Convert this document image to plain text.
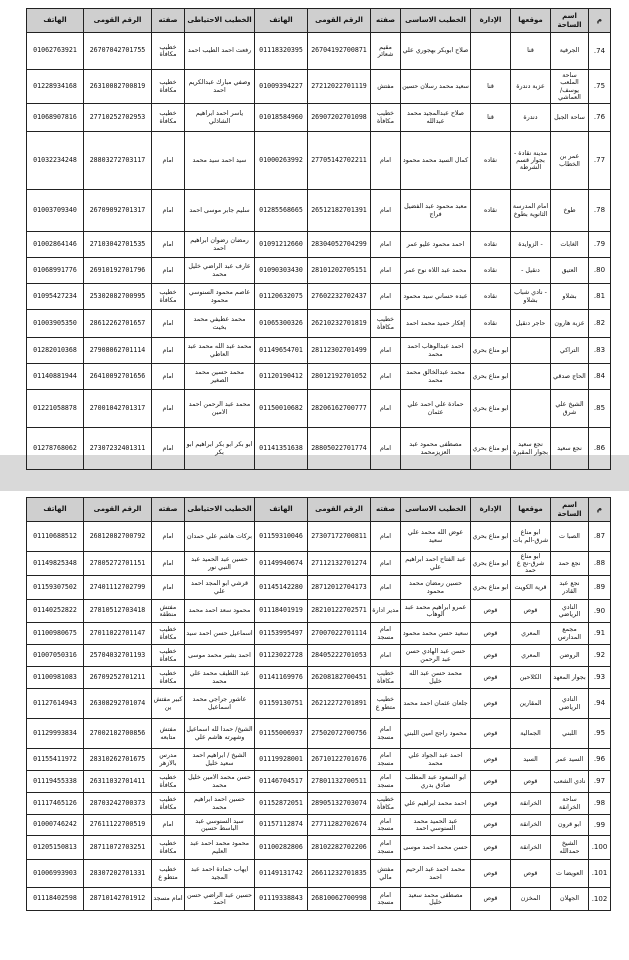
م	اسم الساحة	موقعها	الإدارة	الخطيب الاساسى	صفته	الرقم القومى	الهاتف	الخطيب الاحتياطى	صفته	الرقم القومى	الهاتف
74.	الجرفية	قنا		صلاح ابوبكر بهجوري علي	مقيم شعائر	26704192700871	01118320395	رفعت احمد الطيب احمد	خطيب مكافأة	26707042701755	01062763921
75.	ساحة الملعب يوسف/ العماشي	عزبة دندرة	قنا	سعيد محمد رسلان حسين	مفتش	27212022701119	01009394227	وصفي مبارك عبدالكريم احمد	خطيب مكافأة	26310082700819	01228934168
76.	ساحة الجبل	دندرة	قنا	صلاح عبدالمجيد محمد عبدالله	خطيب مكافأة	26907202701098	01018584960	ياسر احمد ابراهيم الشاذلي	خطيب مكافأة	27710252702953	01068907816
77.	عمر بن الخطاب	مدينة نقادة - بجوار قسم الشرطة	نقاده	كمال السيد محمد محمود	امام	27705142702211	01000263992	سيد احمد سيد محمد	امام	28803272703117	01032234248
78.	طوخ	امام المدرسة الثانوية بطوخ	نقاده	معبد محمود عبد الفضيل فراج	امام	26512182701391	01285568665	سليم جابر موسى احمد	امام	26709092701317	01003709340
79.	الغابات	- الزوايدة	نقاده	احمد محمود عليو عمر	امام	28304052704299	01091212660	رمضان رضوان ابراهيم احمد	امام	27103042701535	01002864146
80.	العتيق	دنقيل -	نقاده	محمد عبد اللاه نوح عمر	امام	28101202705151	01090303430	عارف عبد الراضي خليل محمد	امام	26910192701796	01068991776
81.	بشلاو	- نادي شباب بشلاو	نقاده	عبده حساني سيد محمود	امام	27602232702437	01120632075	عاصم محمود السنوسي محمود	خطيب مكافأة	25302082700995	01095427234
82.	عزبة هارون	حاجر دنقيل	نقاده	إفكار حميد محمد احمد	خطيب مكافأة	26210232701819	01065300326	محمد عطيفي محمد بخيت	امام	28612262701657	01003905350
83.	التراكي		ابو مناع بحري	احمد عبدالوهاب احمد محمد	امام	28112302701499	01149654701	محمد عبد الله محمد عبد العاطي	امام	27908062701114	01282010368
84.	الحاج صدقي		ابو مناع بحري	محمد عبدالخالق محمد محمد	امام	28012192701052	01120190412	محمد حسين محمد الصغير	امام	26410092701656	01140881944
85.	الشيخ علي شرق		ابو مناع بحري	حمادة علي احمد علي عثمان	امام	28206162700777	01150010682	محمد عبد الرحمن احمد الامين	امام	27001042701317	01221058878
86.	نجع سعيد	نجع سعيد بجوار المقبرة	ابو مناع بحري	مصطفى محمود عبد العزيزمحمد	امام	28805022701774	01141351638	ابو بكر ابو بكر ابراهيم ابو بكر	امام	27307232401311	01278768062
م	اسم الساحة	موقعها	الإدارة	الخطيب الاساسى	صفته	الرقم القومى	الهاتف	الخطيب الاحتياطى	صفته	الرقم القومى	الهاتف
87.	الصبا ت	ابو مناع شرق-الم بات	ابو مناع بحري	عوض الله محمد علي سعيد	امام	27307172700811	01159310046	بركات هاشم علي حمدان	امام	26812082700792	01110688512
88.	نجع حمد	ابو مناع شرق-نج ع حمد	ابو مناع بحري	عبد الفتاح احمد ابراهيم علي	امام	27112132701274	01149940674	حسين عبد الحميد عبد النبي نور	امام	27805272701151	01149825348
89.	نجع عبد القادر	قرية الكويت	ابو مناع بحري	حسين رمضان محمد محمود	امام	28712012704173	01145142280	قرشي ابو المجد احمد علي	امام	27401112702799	01159307502
90.	النادي الرياضي	قوص	قوص	عمرو ابراهيم محمد عبد الوهاب	مدير ادارة	28210122702571	01118401919	محمود سعد احمد محمد	مفتش منطقة	27810512703418	01140252822
91.	مجمع المدارس	المعري	قوص	سعيد حسن محمد محمود	امام مسجد	27007022701114	01153995497	اسماعيل حسن احمد سيد	خطيب مكافأة	27011022701147	01100980675
92.	الروضن	المعري	قوص	حسن عبد الهادي حسن عبد الرحمن	امام	28405222701053	01123022728	احمد بشير محمد موسى	خطيب مكافأة	25704032701193	01007050316
93.	بجوار المعهد	الكلاحين	قوص	محمد حسن عبد الله خليل	خطيب مكافأة	26208182700451	01141169976	عبد اللطيف محمد علي محمد	خطيب مكافأة	26709252701211	01100981083
94.	النادي الرياضي	المقارين	قوص	جلعان عثمان احمد محمد	خطيب متطو ع	26212272701891	01159130751	عاشور جراجي محمد اسماعيل	كبير مفتش ين	26308292701074	01127614943
95.	اللبني	الجمالية	قوص	محمود راجح امين اللبني	امام مسجد	27502072700756	01155006937	الشيخ/ حمدا لله اسماعيل وشهرته هاشم علي	مفتش متابعه	27002182700856	01129993834
96.	السيد عمر	السيد	قوص	احمد عبد الجواد علي محمد	امام مسجد	26710122701676	01119928001	الشيخ / ابراهيم احمد سعيد خليل	مدرس بالازهر	28310262701675	01155411972
97.	نادي الشعب	قوص	قوص	ابو السعود عبد المطلب صادق بدري	امام مسجد	27801132700511	01146704517	حسن محمد الامين خليل محمد	خطيب مكافأة	26311032701411	01119455338
98.	ساحة الخرانقة	الخرانقة	قوص	احمد محمد ابراهيم علي	خطيب مكافأة	28905132703074	01152872051	حسين احمد ابراهيم محمد	خطيب مكافأة	28703242700373	01117465126
99.	ابو قرون	الخرانقة	قوص	عبد الحميد محمد السنوسي احمد	امام مسجد	27711282702674	01157112874	سيد السنوسي عبد الباسط حسين	امام	27611122700519	01000746242
100.	الشيخ حمدالله	الخرانقة	قوص	حسن محمد احمد موسى	امام مسجد	28102282702206	01100282806	محمود محمد احمد عبد العليم	خطيب مكافأة	28711072703251	01205150813
101.	العويضا ت	قوص	قوص	محمد احمد عبد الرحيم احمد	مفتش مالي	26611232701835	01149131742	ايهاب حمادة احمد عبد المجيد	خطيب متطو ع	28307202701331	01006993903
102.	الجهلان	المخزن	قوص	مصطفى محمد سعيد خليل	امام مسجد	26810062700998	01119338843	حسين عبد الراضي حسن احمد	امام مسجد	28710142701912	01118402598
